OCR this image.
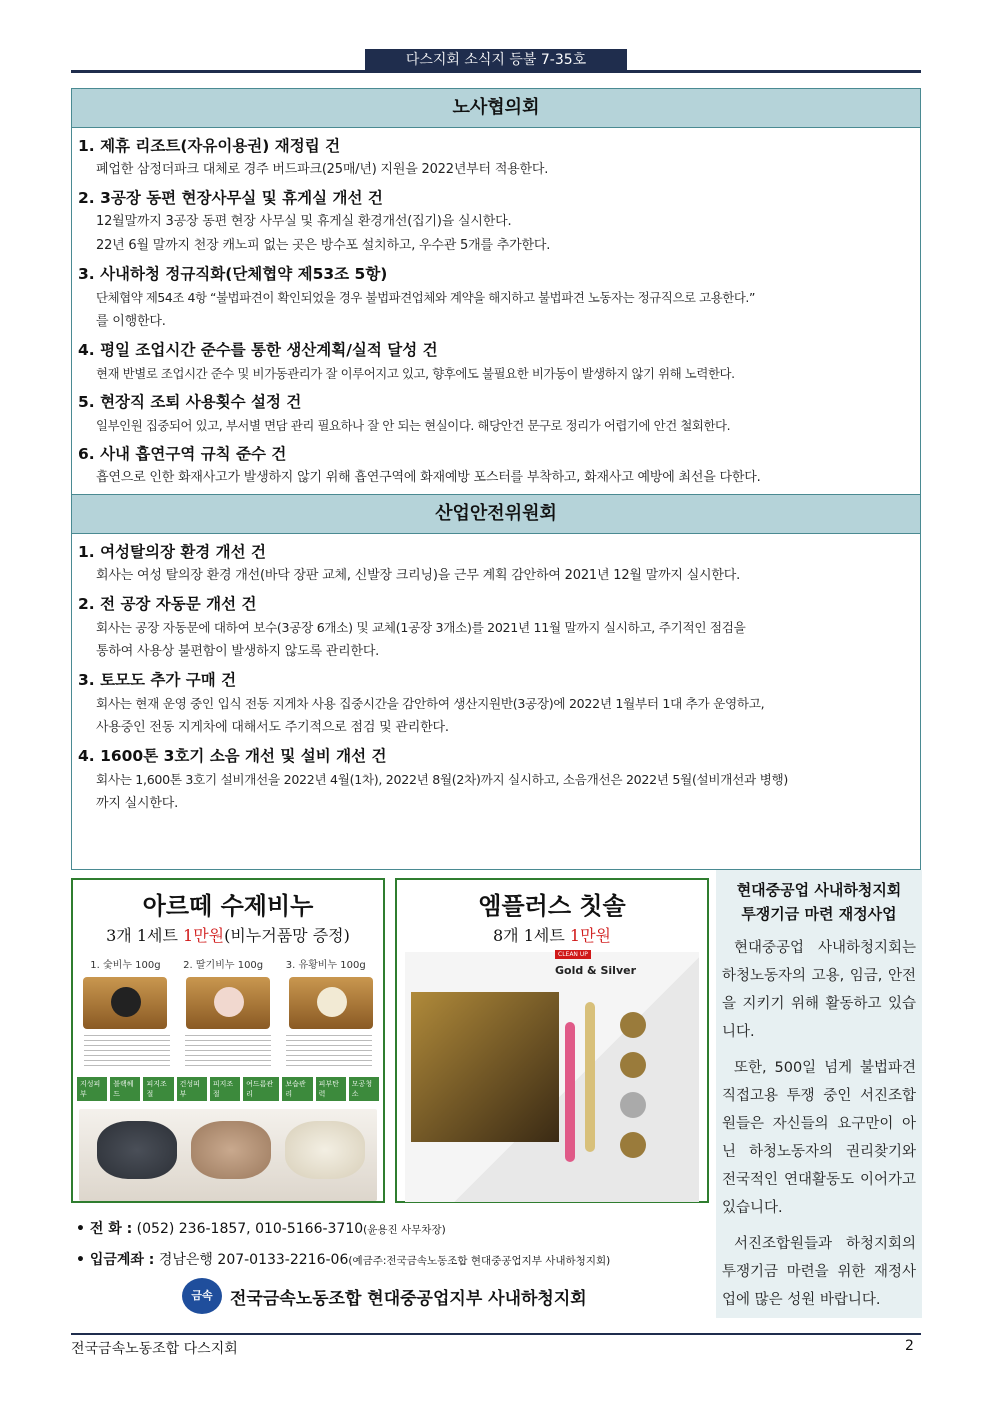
다스지회 소식지 등불 7-35호
노사협의회
1. 제휴 리조트(자유이용권) 재정립 건
폐업한 삼정더파크 대체로 경주 버드파크(25매/년) 지원을 2022년부터 적용한다.
2. 3공장 동편 현장사무실 및 휴게실 개선 건
12월말까지 3공장 동편 현장 사무실 및 휴게실 환경개선(집기)을 실시한다.
22년 6월 말까지 천장 캐노피 없는 곳은 방수포 설치하고, 우수관 5개를 추가한다.
3. 사내하청 정규직화(단체협약 제53조 5항)
단체협약 제54조 4항 “불법파견이 확인되었을 경우 불법파견업체와 계약을 해지하고 불법파견 노동자는 정규직으로 고용한다.”
를 이행한다.
4. 평일 조업시간 준수를 통한 생산계획/실적 달성 건
현재 반별로 조업시간 준수 및 비가동관리가 잘 이루어지고 있고, 향후에도 불필요한 비가동이 발생하지 않기 위해 노력한다.
5. 현장직 조퇴 사용횟수 설정 건
일부인원 집중되어 있고, 부서별 면담 관리 필요하나 잘 안 되는 현실이다. 해당안건 문구로 정리가 어렵기에 안건 철회한다.
6. 사내 흡연구역 규칙 준수 건
흡연으로 인한 화재사고가 발생하지 않기 위해 흡연구역에 화재예방 포스터를 부착하고, 화재사고 예방에 최선을 다한다.
산업안전위원회
1. 여성탈의장 환경 개선 건
회사는 여성 탈의장 환경 개선(바닥 장판 교체, 신발장 크리닝)을 근무 계획 감안하여 2021년 12월 말까지 실시한다.
2. 전 공장 자동문 개선 건
회사는 공장 자동문에 대하여 보수(3공장 6개소) 및 교체(1공장 3개소)를 2021년 11월 말까지 실시하고, 주기적인 점검을
통하여 사용상 불편함이 발생하지 않도록 관리한다.
3. 토모도 추가 구매 건
회사는 현재 운영 중인 입식 전동 지게차 사용 집중시간을 감안하여 생산지원반(3공장)에 2022년 1월부터 1대 추가 운영하고,
사용중인 전동 지게차에 대해서도 주기적으로 점검 및 관리한다.
4. 1600톤 3호기 소음 개선 및 설비 개선 건
회사는 1,600톤 3호기 설비개선을 2022년 4월(1차), 2022년 8월(2차)까지 실시하고, 소음개선은 2022년 5월(설비개선과 병행)
까지 실시한다.
아르떼 수제비누
3개 1세트 1만원(비누거품망 증정)
1. 숯비누 100g 2. 딸기비누 100g 3. 유황비누 100g
지성피부
블랙헤드
피지조절
건성피부
피지조절
여드름관리
보습관리
피부탄력
모공청소
엠플러스 칫솔
8개 1세트 1만원
CLEAN UP
Gold & Silver
• 전 화 : (052) 236-1857, 010-5166-3710(윤용진 사무차장)
• 입금계좌 : 경남은행 207-0133-2216-06(예금주:전국금속노동조합 현대중공업지부 사내하청지회)
금속	전국금속노동조합 현대중공업지부 사내하청지회
현대중공업 사내하청지회
투쟁기금 마련 재정사업
현대중공업 사내하청지회는 하청노동자의 고용, 임금, 안전을 지키기 위해 활동하고 있습니다.
또한, 500일 넘게 불법파견 직접고용 투쟁 중인 서진조합원들은 자신들의 요구만이 아닌 하청노동자의 권리찾기와 전국적인 연대활동도 이어가고 있습니다.
서진조합원들과 하청지회의 투쟁기금 마련을 위한 재정사업에 많은 성원 바랍니다.
전국금속노동조합 다스지회	2
